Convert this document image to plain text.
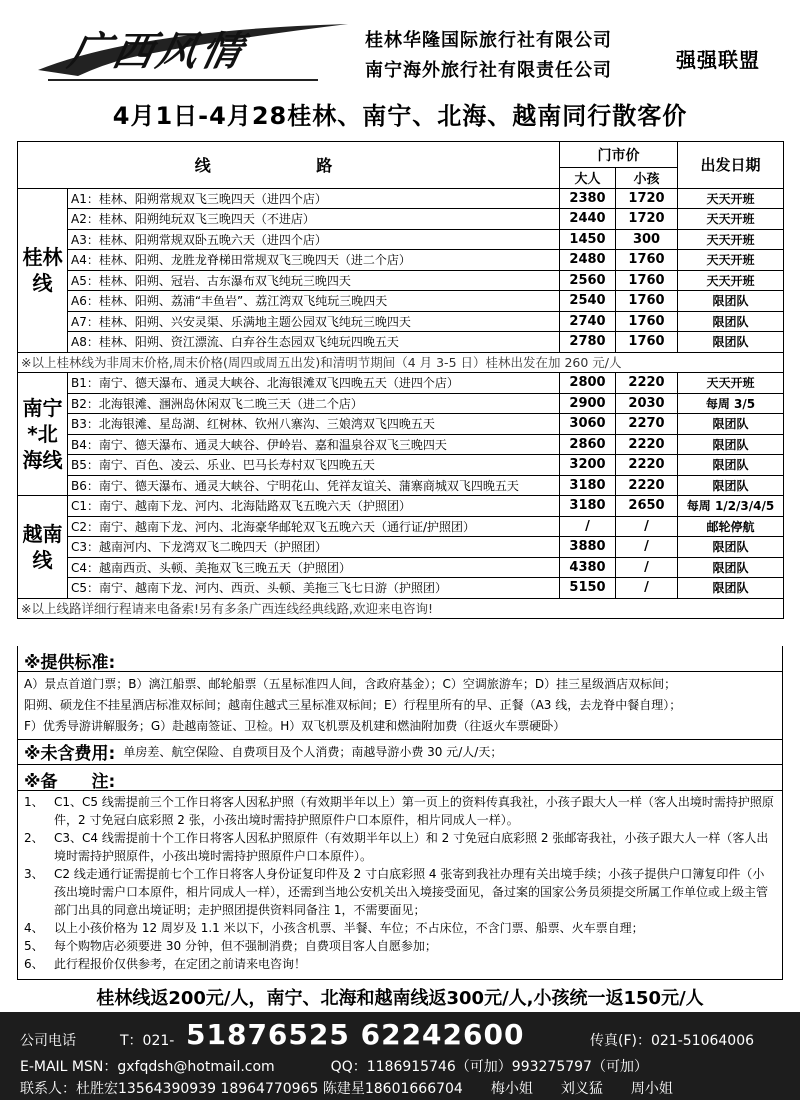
广西风情	桂林华隆国际旅行社有限公司
南宁海外旅行社有限责任公司	强强联盟
4月1日-4月28桂林、南宁、北海、越南同行散客价
线 路		门市价		出发日期
		大人	小孩	
桂林线	A1：桂林、阳朔常规双飞三晚四天（进四个店）	2380	1720	天天开班
	A2：桂林、阳朔纯玩双飞三晚四天（不进店）	2440	1720	天天开班
	A3：桂林、阳朔常规双卧五晚六天（进四个店）	1450	300	天天开班
	A4：桂林、阳朔、龙胜龙脊梯田常规双飞三晚四天（进二个店）	2480	1760	天天开班
	A5：桂林、阳朔、冠岩、古东瀑布双飞纯玩三晚四天	2560	1760	天天开班
	A6：桂林、阳朔、荔浦“丰鱼岩”、荔江湾双飞纯玩三晚四天	2540	1760	限团队
	A7：桂林、阳朔、兴安灵渠、乐满地主题公园双飞纯玩三晚四天	2740	1760	限团队
	A8：桂林、阳朔、资江漂流、白弃谷生态园双飞纯玩四晚五天	2780	1760	限团队
※以上桂林线为非周末价格,周末价格(周四或周五出发)和清明节期间（4 月 3-5 日）桂林出发在加 260 元/人				
南宁*北海线	B1：南宁、德天瀑布、通灵大峡谷、北海银滩双飞四晚五天（进四个店）	2800	2220	天天开班
	B2：北海银滩、涠洲岛休闲双飞二晚三天（进二个店）	2900	2030	每周 3/5
	B3：北海银滩、星岛湖、红树林、钦州八寨沟、三娘湾双飞四晚五天	3060	2270	限团队
	B4：南宁、德天瀑布、通灵大峡谷、伊岭岩、嘉和温泉谷双飞三晚四天	2860	2220	限团队
	B5：南宁、百色、凌云、乐业、巴马长寿村双飞四晚五天	3200	2220	限团队
	B6：南宁、德天瀑布、通灵大峡谷、宁明花山、凭祥友谊关、蒲寨商城双飞四晚五天	3180	2220	限团队
越南线	C1：南宁、越南下龙、河内、北海陆路双飞五晚六天（护照团）	3180	2650	每周 1/2/3/4/5
	C2：南宁、越南下龙、河内、北海豪华邮轮双飞五晚六天（通行证/护照团）	/	/	邮轮停航
	C3：越南河内、下龙湾双飞二晚四天（护照团）	3880	/	限团队
	C4：越南西贡、头顿、美拖双飞三晚五天（护照团）	4380	/	限团队
	C5：南宁、越南下龙、河内、西贡、头顿、美拖三飞七日游（护照团）	5150	/	限团队
※以上线路详细行程请来电备索!另有多条广西连线经典线路,欢迎来电咨询!				
※提供标准:
A）景点首道门票；B）漓江船票、邮轮船票（五星标准四人间，含政府基金）；C）空调旅游车；D）挂三星级酒店双标间；
阳朔、硕龙住不挂星酒店标准双标间；越南住越式三星标准双标间；E）行程里所有的早、正餐（A3 线，去龙脊中餐自理）；
F）优秀导游讲解服务；G）赴越南签证、卫检。H）双飞机票及机建和燃油附加费（往返火车票硬卧）
※未含费用: 单房差、航空保险、自费项目及个人消费；南越导游小费 30 元/人/天；
※备　　注:
1、 C1、C5 线需提前三个工作日将客人因私护照（有效期半年以上）第一页上的资料传真我社，小孩子跟大人一样（客人出境时需持护照原件，2 寸免冠白底彩照 2 张，小孩出境时需持护照原件户口本原件，相片同成人一样）。
2、 C3、C4 线需提前十个工作日将客人因私护照原件（有效期半年以上）和 2 寸免冠白底彩照 2 张邮寄我社，小孩子跟大人一样（客人出境时需持护照原件，小孩出境时需持护照原件户口本原件）。
3、 C2 线走通行证需提前七个工作日将客人身份证复印件及 2 寸白底彩照 4 张寄到我社办理有关出境手续；小孩子提供户口簿复印件（小孩出境时需户口本原件，相片同成人一样），还需到当地公安机关出入境接受面见，备过案的国家公务员须提交所属工作单位或上级主管部门出具的同意出境证明；走护照团提供资料同备注 1，不需要面见；
4、 以上小孩价格为 12 周岁及 1.1 米以下，小孩含机票、半餐、车位；不占床位，不含门票、船票、火车票自理；
5、 每个购物店必须要进 30 分钟，但不强制消费；自费项目客人自愿参加；
6、 此行程报价仅供参考，在定团之前请来电咨询！
桂林线返200元/人，南宁、北海和越南线返300元/人,小孩统一返150元/人
公司电话	T：021- 51876525 62242600	传真(F)：021-51064006
E-MAIL MSN：gxfqdsh@hotmail.com　　　　QQ：1186915746（可加）993275797（可加）
联系人：杜胜宏13564390939 18964770965 陈建星18601666704　　梅小姐　　刘义猛　　周小姐
